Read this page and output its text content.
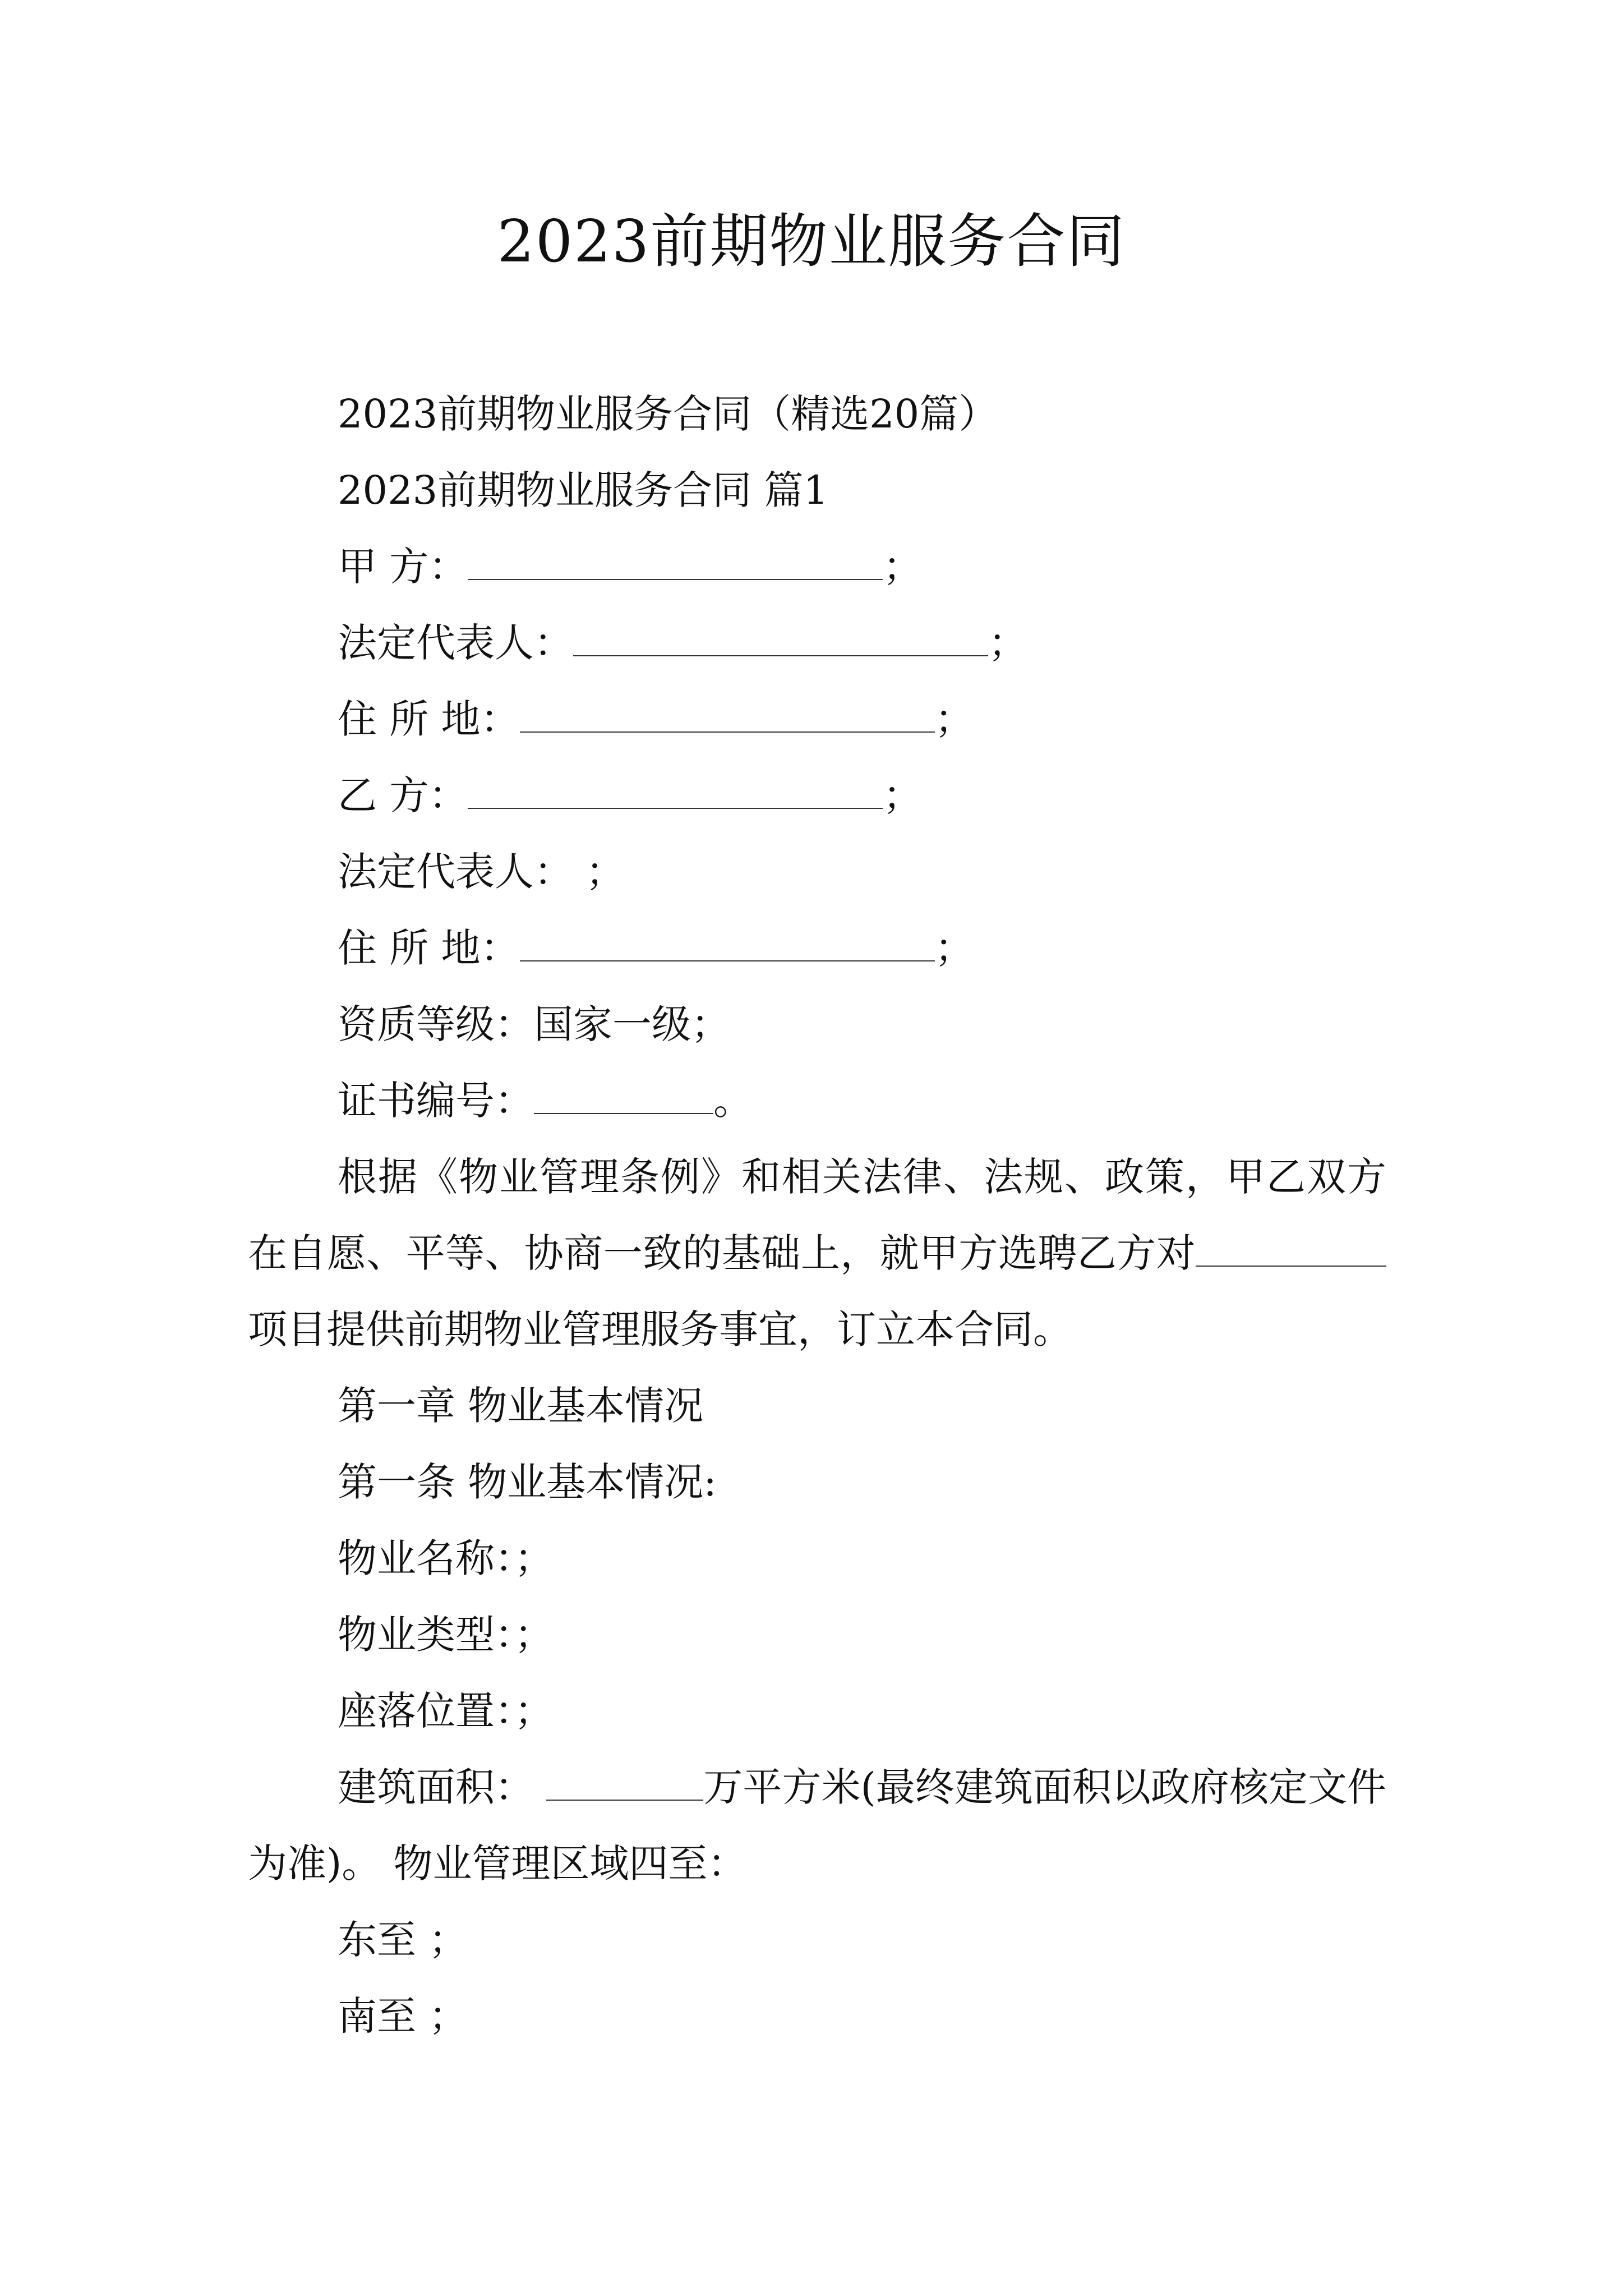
2023前期物业服务合同

2023前期物业服务合同（精选20篇）

2023前期物业服务合同 篇1

甲 方：	；

法定代表人：	；

住 所 地：	；

乙 方：	；

法定代表人： ；

住 所 地：	；

资质等级：国家一级；

证书编号：	。

根据《物业管理条例》和相关法律、法规、政策，甲乙双方在自愿、平等、协商一致的基础上，就甲方选聘乙方对项目提供前期物业管理服务事宜，订立本合同。

第一章 物业基本情况

第一条 物业基本情况:

物业名称：；

物业类型：；

座落位置：；

建筑面积：	万平方米(最终建筑面积以政府核定文件为准)。 物业管理区域四至：

东至 ；

南至 ；
